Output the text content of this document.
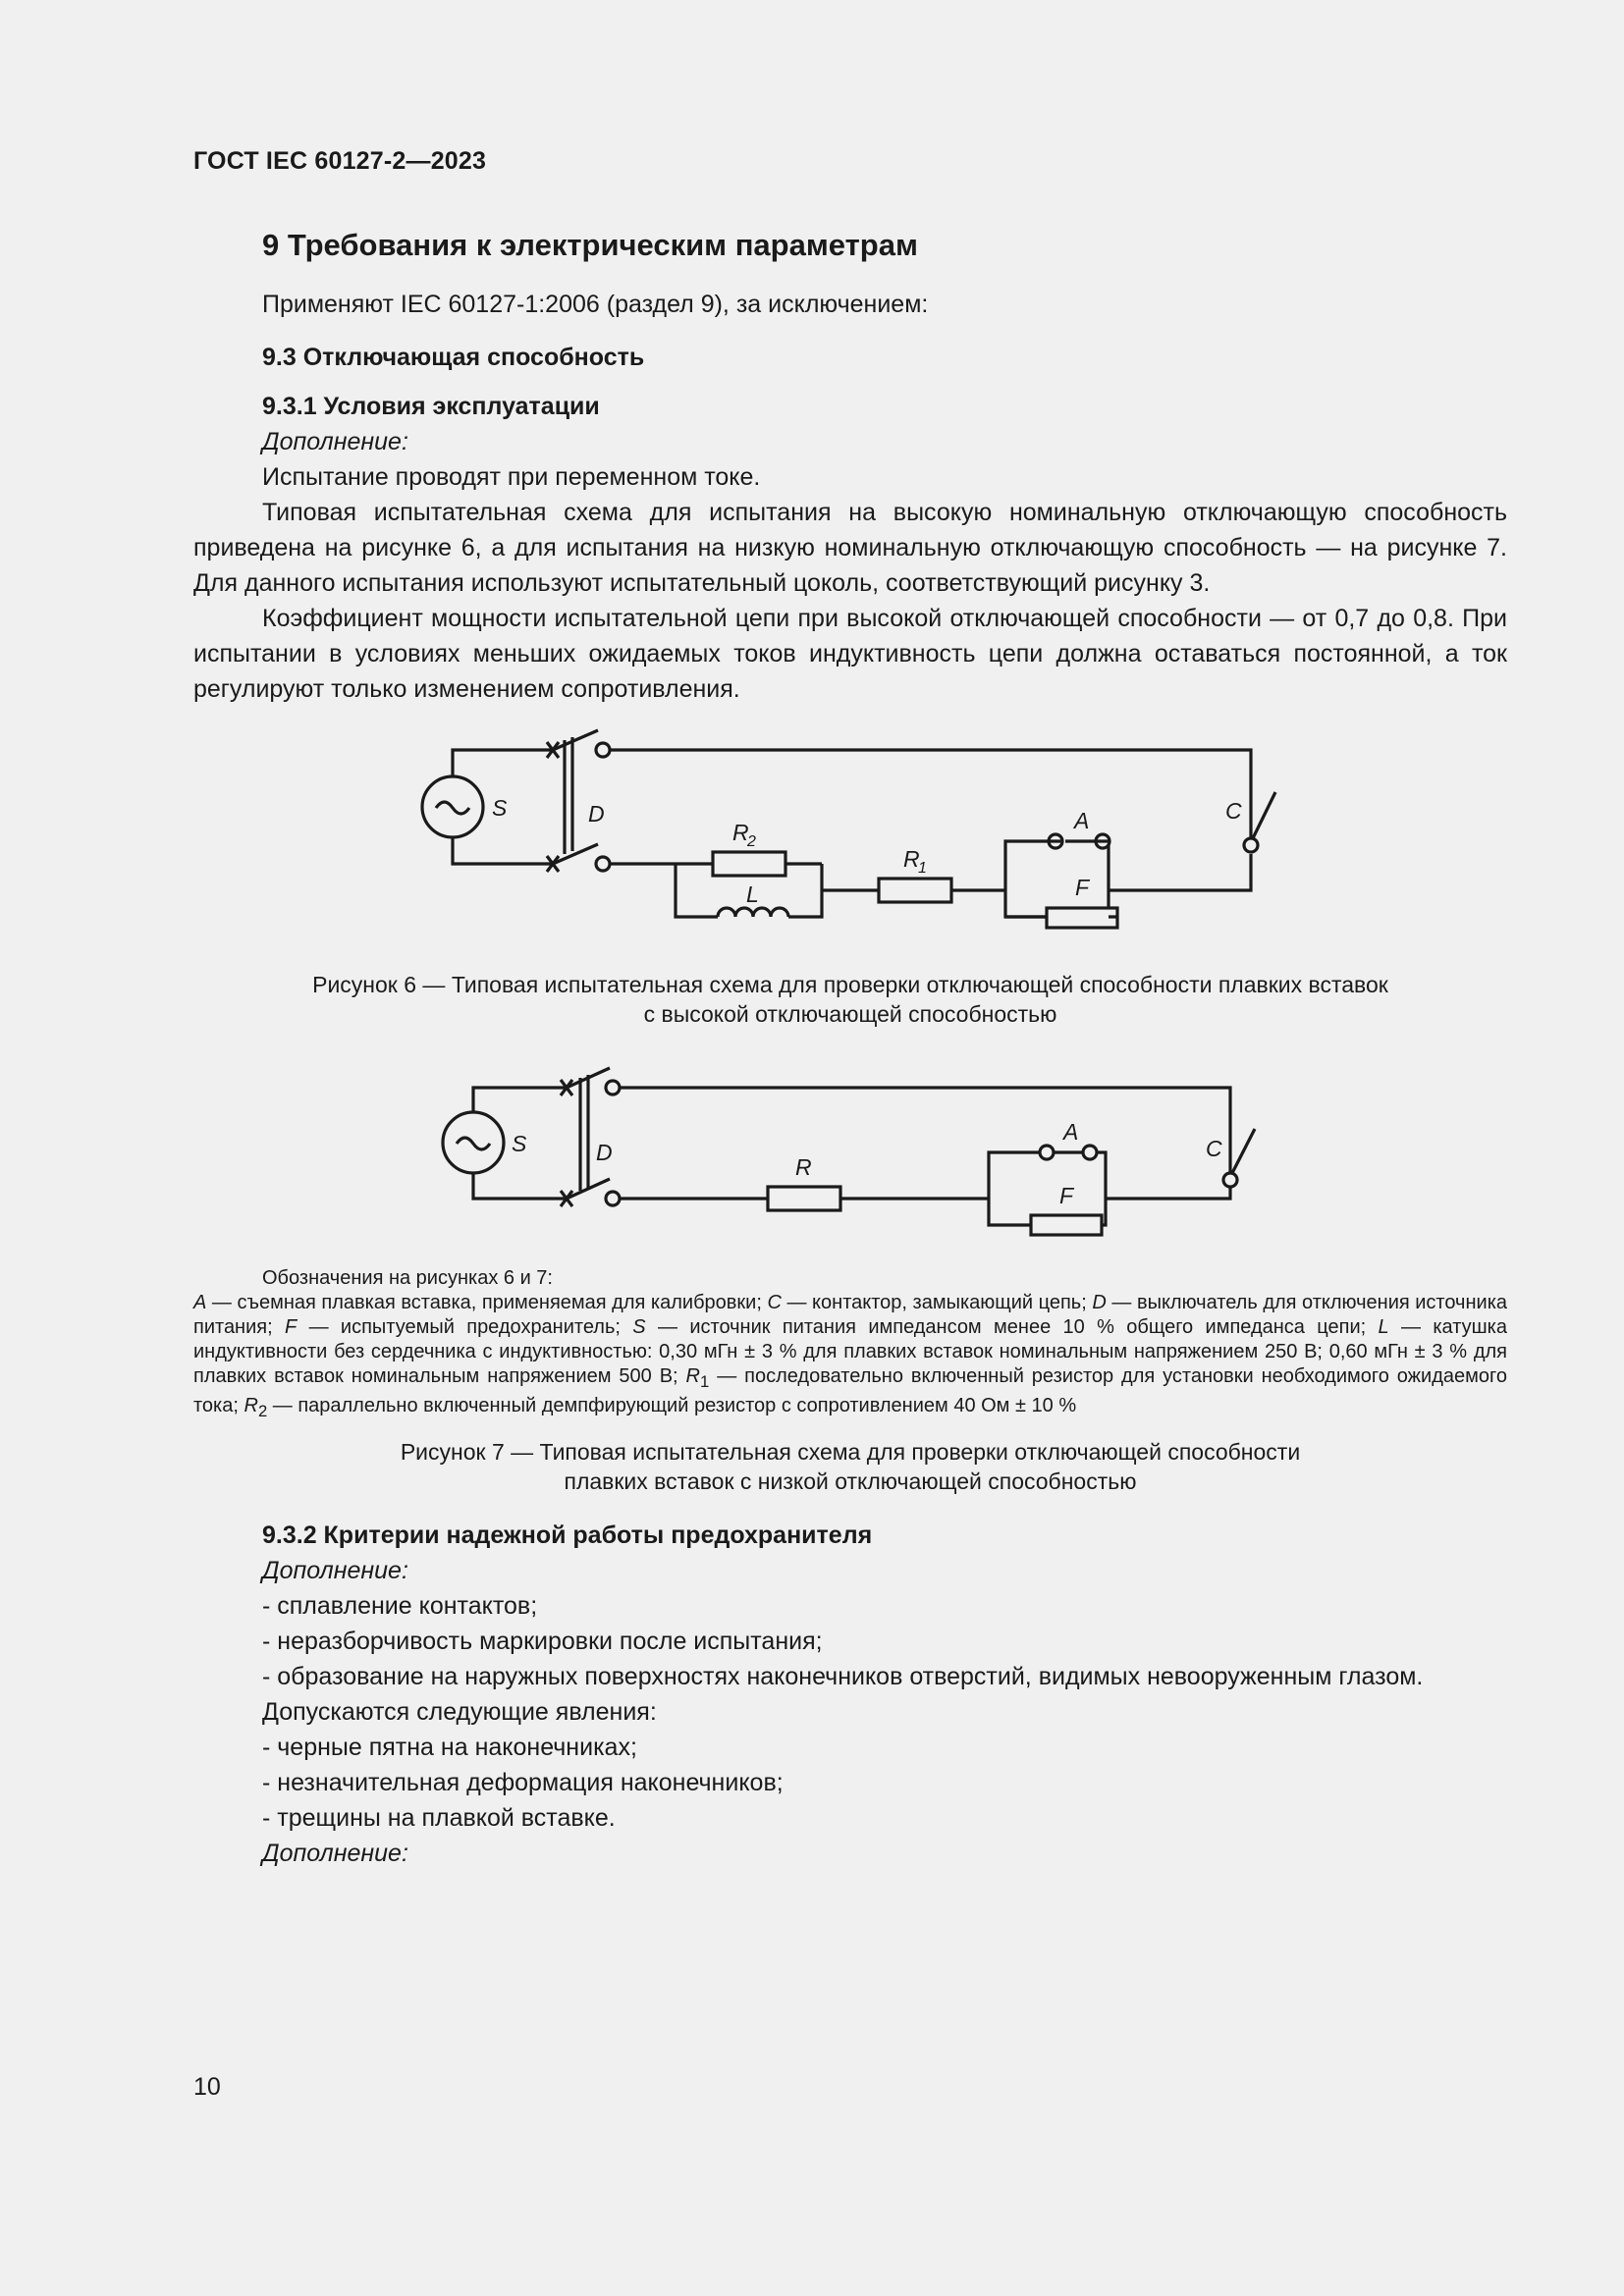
ГОСТ IEC 60127-2—2023
9 Требования к электрическим параметрам
Применяют IEC 60127-1:2006 (раздел 9), за исключением:
9.3 Отключающая способность
9.3.1 Условия эксплуатации
Дополнение:
Испытание проводят при переменном токе.

Типовая испытательная схема для испытания на высокую номинальную отключающую способность приведена на рисунке 6, а для испытания на низкую номинальную отключающую способность — на рисунке 7. Для данного испытания используют испытательный цоколь, соответствующий рисунку 3.

Коэффициент мощности испытательной цепи при высокой отключающей способности — от 0,7 до 0,8. При испытании в условиях меньших ожидаемых токов индуктивность цепи должна оставаться постоянной, а ток регулируют только изменением сопротивления.

S	D
R
2
L
R
1
A
F
C
Рисунок 6 — Типовая испытательная схема для проверки отключающей способности плавких вставок
с высокой отключающей способностью
S	D
R
A
F
C
Обозначения на рисунках 6 и 7:
A — съемная плавкая вставка, применяемая для калибровки; C — контактор, замыкающий цепь; D — выключатель для отключения источника питания; F — испытуемый предохранитель; S — источник питания импедансом менее 10 % общего импеданса цепи; L — катушка индуктивности без сердечника с индуктивностью: 0,30 мГн ± 3 % для плавких вставок номинальным напряжением 250 В; 0,60 мГн ± 3 % для плавких вставок номинальным напряжением 500 В; $R_1$ — последовательно включенный резистор для установки необходимого ожидаемого тока; $R_2$ — параллельно включенный демпфирующий резистор с сопротивлением 40 Ом ± 10 %
Рисунок 7 — Типовая испытательная схема для проверки отключающей способности
плавких вставок с низкой отключающей способностью
9.3.2 Критерии надежной работы предохранителя
Дополнение:
- сплавление контактов;
- неразборчивость маркировки после испытания;

- образование на наружных поверхностях наконечников отверстий, видимых невооруженным глазом.

Допускаются следующие явления:
- черные пятна на наконечниках;
- незначительная деформация наконечников;
- трещины на плавкой вставке.
Дополнение:
10
